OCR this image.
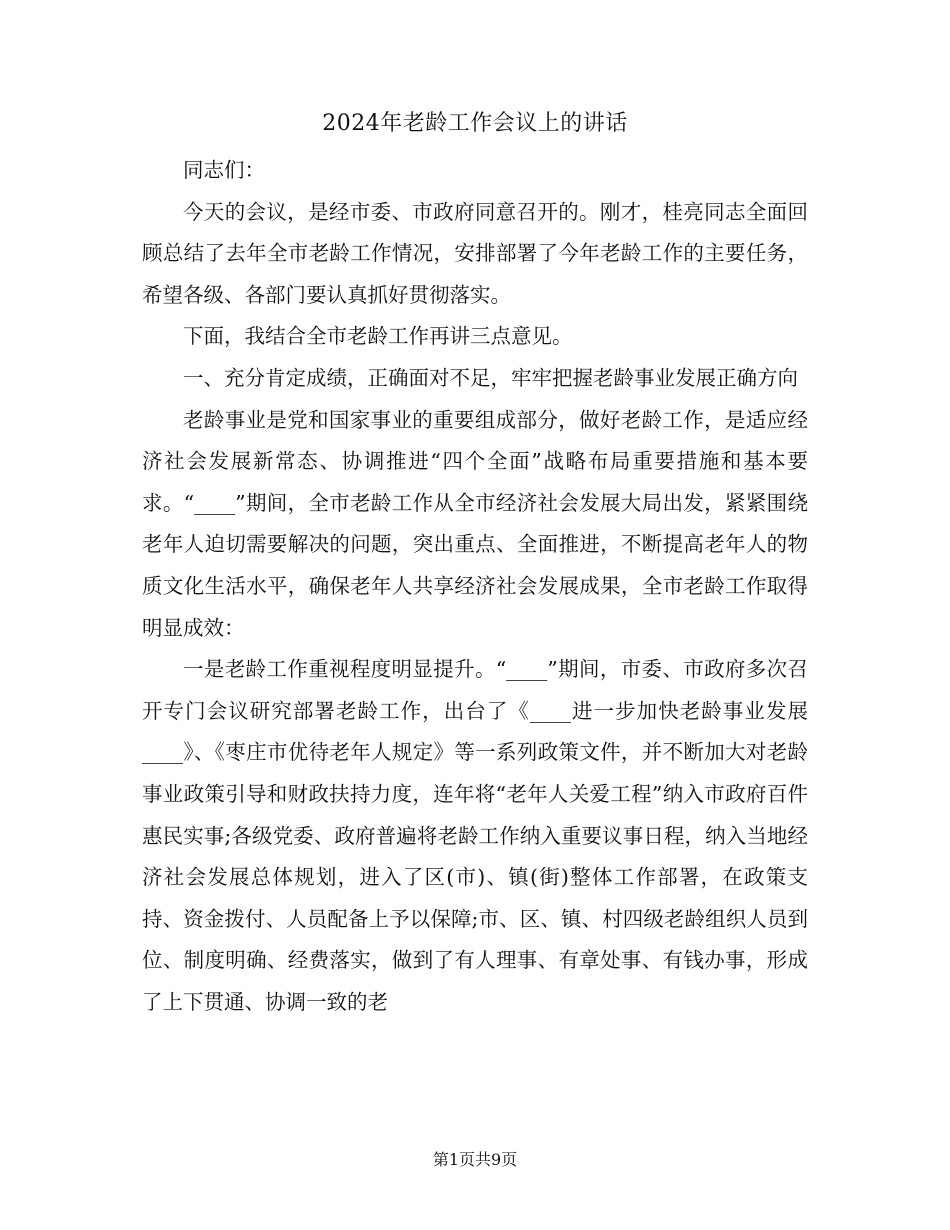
2024年老龄工作会议上的讲话

同志们：

今天的会议，是经市委、市政府同意召开的。刚才，桂亮同志全面回顾总结了去年全市老龄工作情况，安排部署了今年老龄工作的主要任务，希望各级、各部门要认真抓好贯彻落实。

下面，我结合全市老龄工作再讲三点意见。

一、充分肯定成绩，正确面对不足，牢牢把握老龄事业发展正确方向

老龄事业是党和国家事业的重要组成部分，做好老龄工作，是适应经济社会发展新常态、协调推进“四个全面”战略布局重要措施和基本要求。“____”期间，全市老龄工作从全市经济社会发展大局出发，紧紧围绕老年人迫切需要解决的问题，突出重点、全面推进，不断提高老年人的物质文化生活水平，确保老年人共享经济社会发展成果，全市老龄工作取得明显成效：

一是老龄工作重视程度明显提升。“____”期间，市委、市政府多次召开专门会议研究部署老龄工作，出台了《____进一步加快老龄事业发展____》、《枣庄市优待老年人规定》等一系列政策文件，并不断加大对老龄事业政策引导和财政扶持力度，连年将“老年人关爱工程”纳入市政府百件惠民实事;各级党委、政府普遍将老龄工作纳入重要议事日程，纳入当地经济社会发展总体规划，进入了区(市)、镇(街)整体工作部署，在政策支持、资金拨付、人员配备上予以保障;市、区、镇、村四级老龄组织人员到位、制度明确、经费落实，做到了有人理事、有章处事、有钱办事，形成了上下贯通、协调一致的老

第1页共9页
